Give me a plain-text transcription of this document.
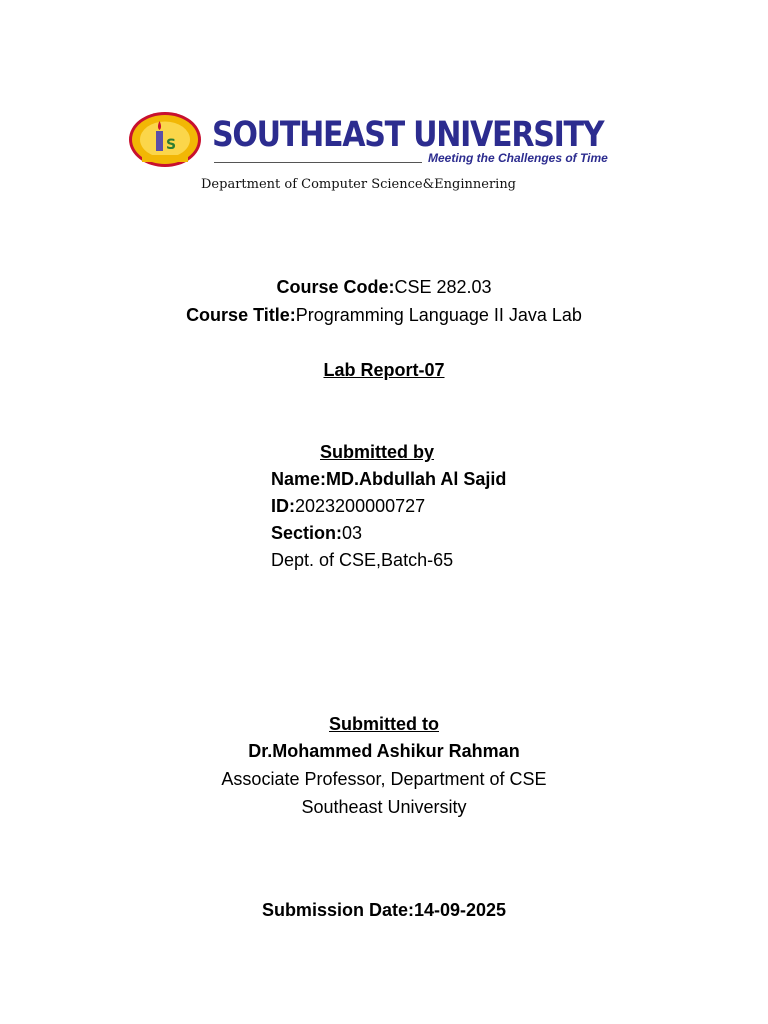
S SOUTHEAST UNIVERSITY
Meeting the Challenges of Time
Department of Computer Science&Enginnering
Course Code:CSE 282.03
Course Title:Programming Language II Java Lab
Lab Report-07
Submitted by
Name:MD.Abdullah Al Sajid
ID:2023200000727
Section:03
Dept. of CSE,Batch-65
Submitted to
Dr.Mohammed Ashikur Rahman
Associate Professor, Department of CSE
Southeast University
Submission Date:14-09-2025
